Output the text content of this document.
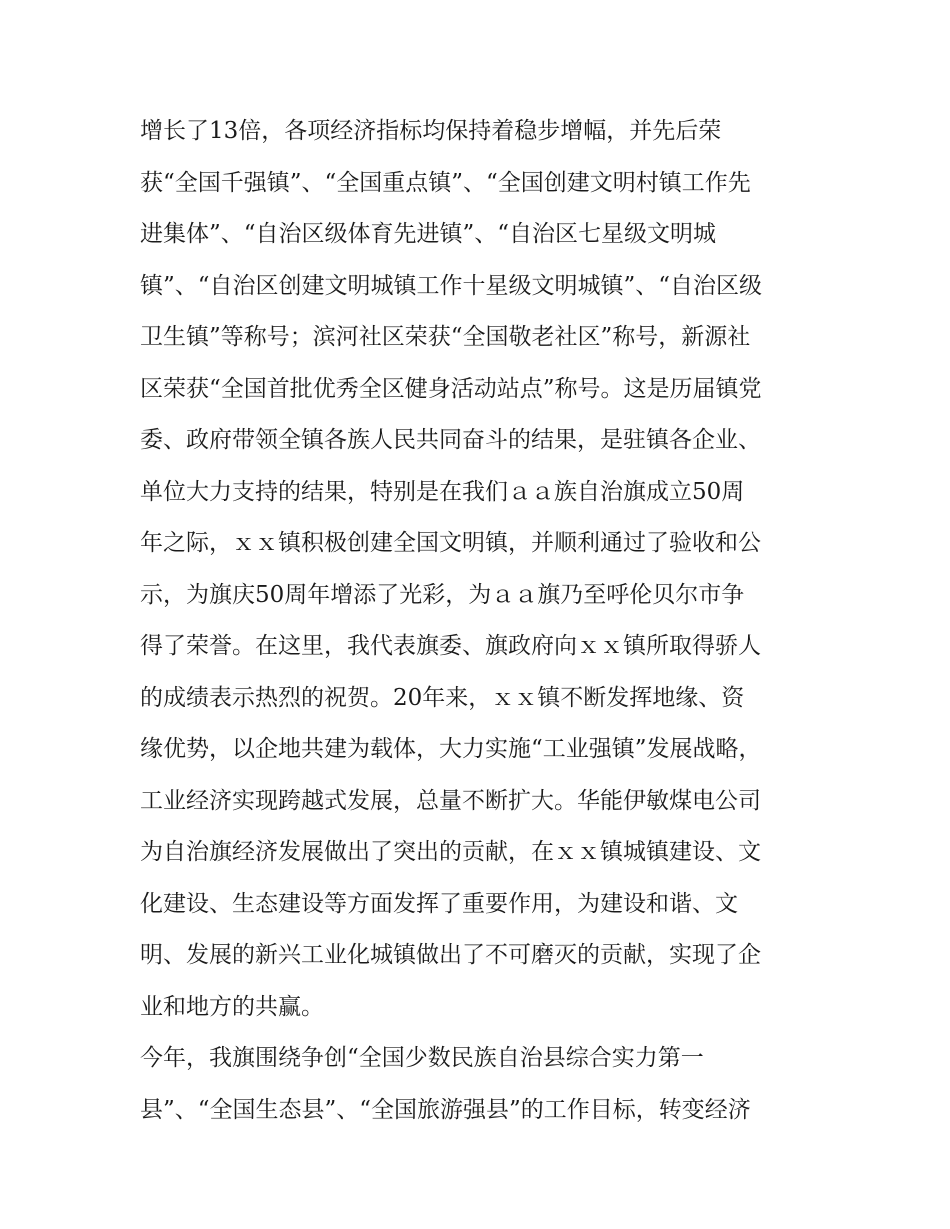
增长了13倍，各项经济指标均保持着稳步增幅，并先后荣
获“全国千强镇”、“全国重点镇”、“全国创建文明村镇工作先
进集体”、“自治区级体育先进镇”、“自治区七星级文明城
镇”、“自治区创建文明城镇工作十星级文明城镇”、“自治区级
卫生镇”等称号；滨河社区荣获“全国敬老社区”称号，新源社
区荣获“全国首批优秀全区健身活动站点”称号。这是历届镇党
委、政府带领全镇各族人民共同奋斗的结果，是驻镇各企业、
单位大力支持的结果，特别是在我们ａａ族自治旗成立50周
年之际，ｘｘ镇积极创建全国文明镇，并顺利通过了验收和公
示，为旗庆50周年增添了光彩，为ａａ旗乃至呼伦贝尔市争
得了荣誉。在这里，我代表旗委、旗政府向ｘｘ镇所取得骄人
的成绩表示热烈的祝贺。20年来，ｘｘ镇不断发挥地缘、资
缘优势，以企地共建为载体，大力实施“工业强镇”发展战略，
工业经济实现跨越式发展，总量不断扩大。华能伊敏煤电公司
为自治旗经济发展做出了突出的贡献，在ｘｘ镇城镇建设、文
化建设、生态建设等方面发挥了重要作用，为建设和谐、文
明、发展的新兴工业化城镇做出了不可磨灭的贡献，实现了企
业和地方的共赢。
今年，我旗围绕争创“全国少数民族自治县综合实力第一
县”、“全国生态县”、“全国旅游强县”的工作目标，转变经济
